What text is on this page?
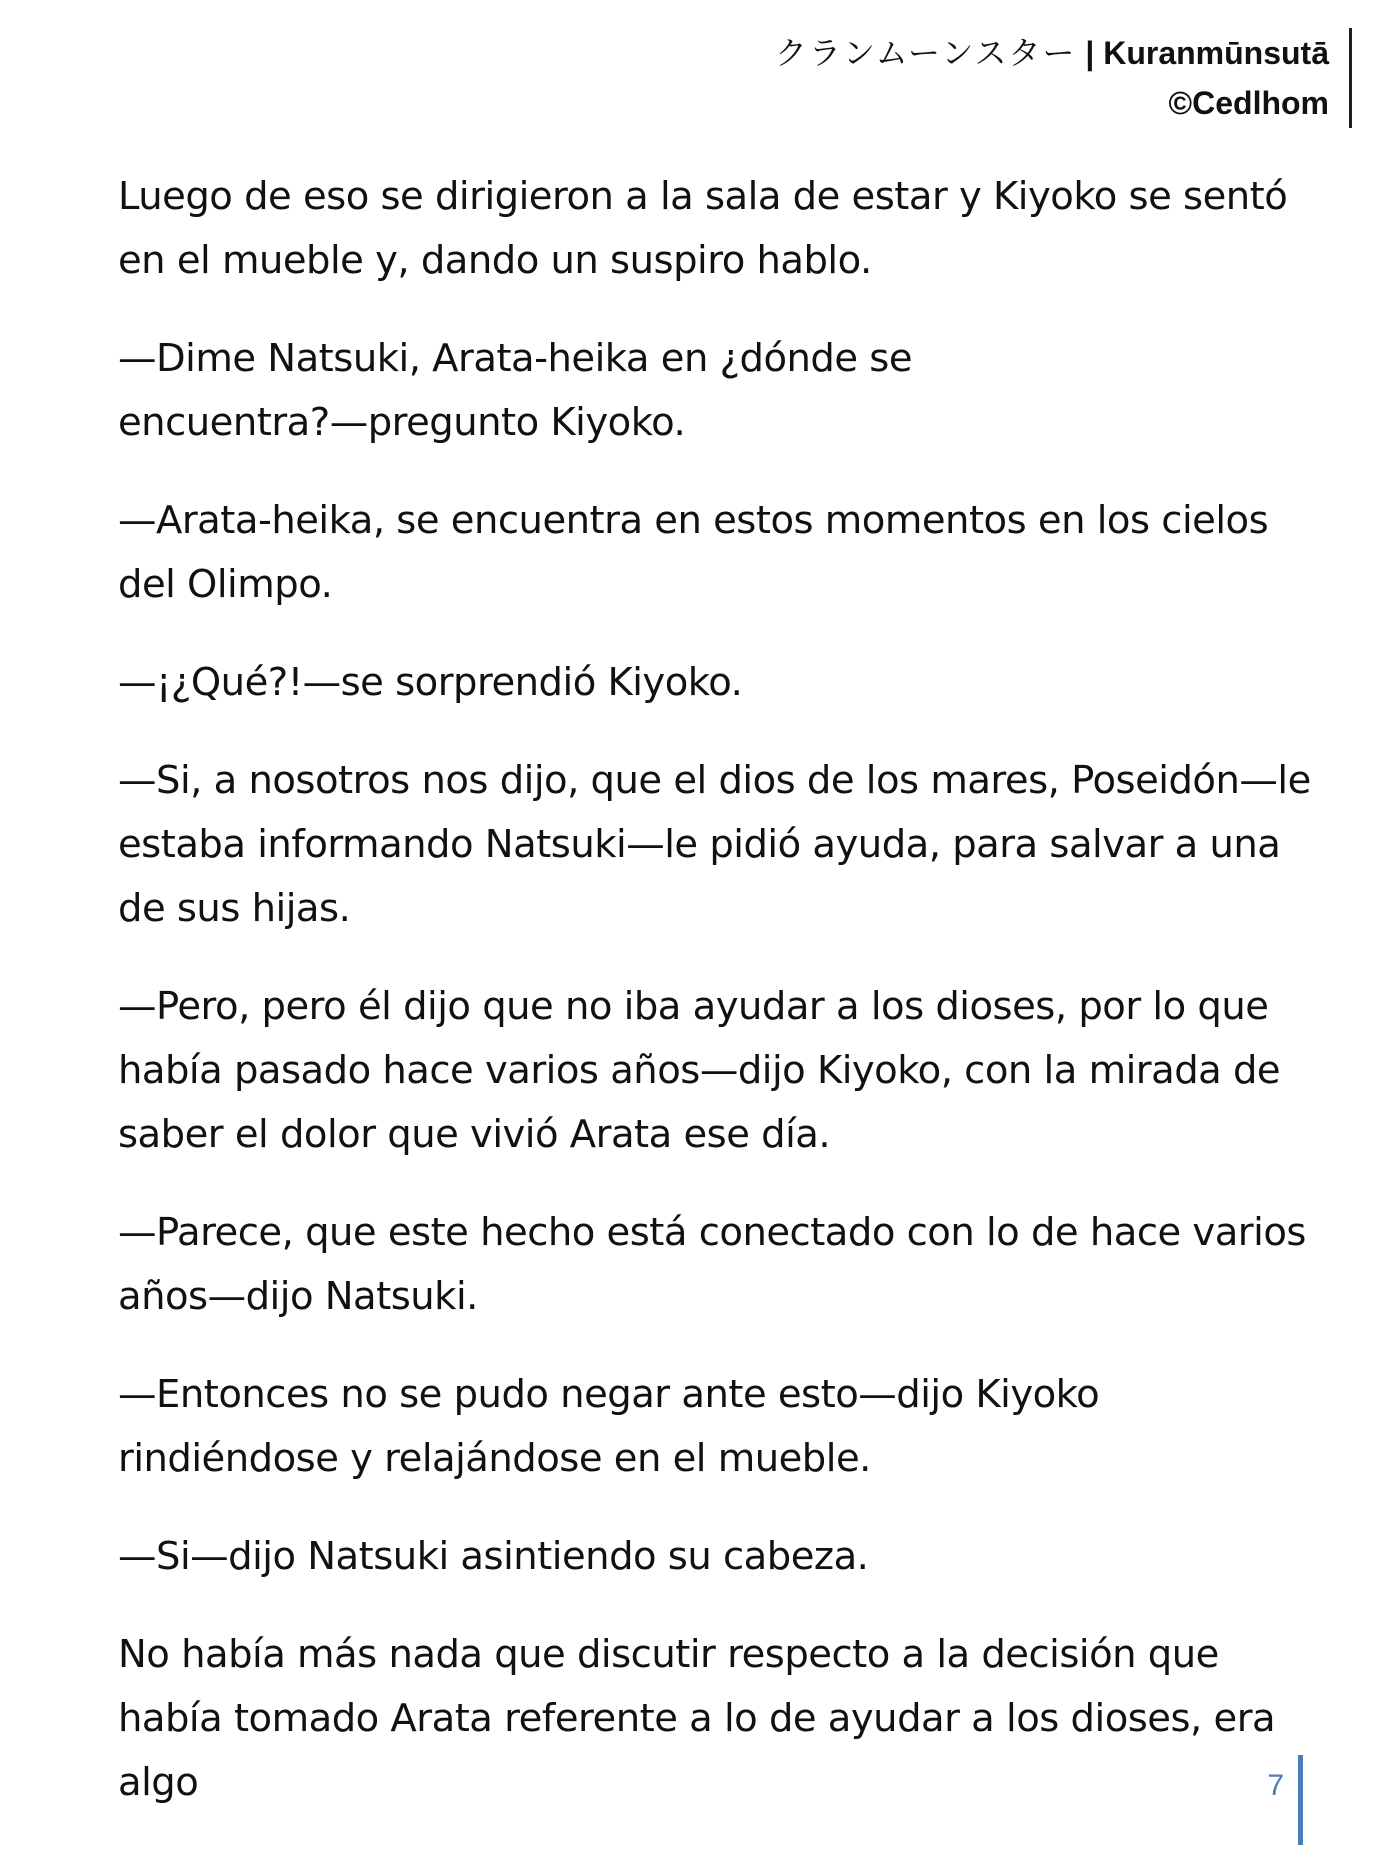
クランムーンスター | Kuranmūnsutā
©Cedlhom

Luego de eso se dirigieron a la sala de estar y Kiyoko se sentó en el mueble y, dando un suspiro hablo.

—Dime Natsuki, Arata-heika en ¿dónde se encuentra?—pregunto Kiyoko.

—Arata-heika, se encuentra en estos momentos en los cielos del Olimpo.

—¡¿Qué?!—se sorprendió Kiyoko.

—Si, a nosotros nos dijo, que el dios de los mares, Poseidón—le estaba informando Natsuki—le pidió ayuda, para salvar a una de sus hijas.

—Pero, pero él dijo que no iba ayudar a los dioses, por lo que había pasado hace varios años—dijo Kiyoko, con la mirada de saber el dolor que vivió Arata ese día.

—Parece, que este hecho está conectado con lo de hace varios años—dijo Natsuki.

—Entonces no se pudo negar ante esto—dijo Kiyoko rindiéndose y relajándose en el mueble.

—Si—dijo Natsuki asintiendo su cabeza.

No había más nada que discutir respecto a la decisión que había tomado Arata referente a lo de ayudar a los dioses, era algo	7
